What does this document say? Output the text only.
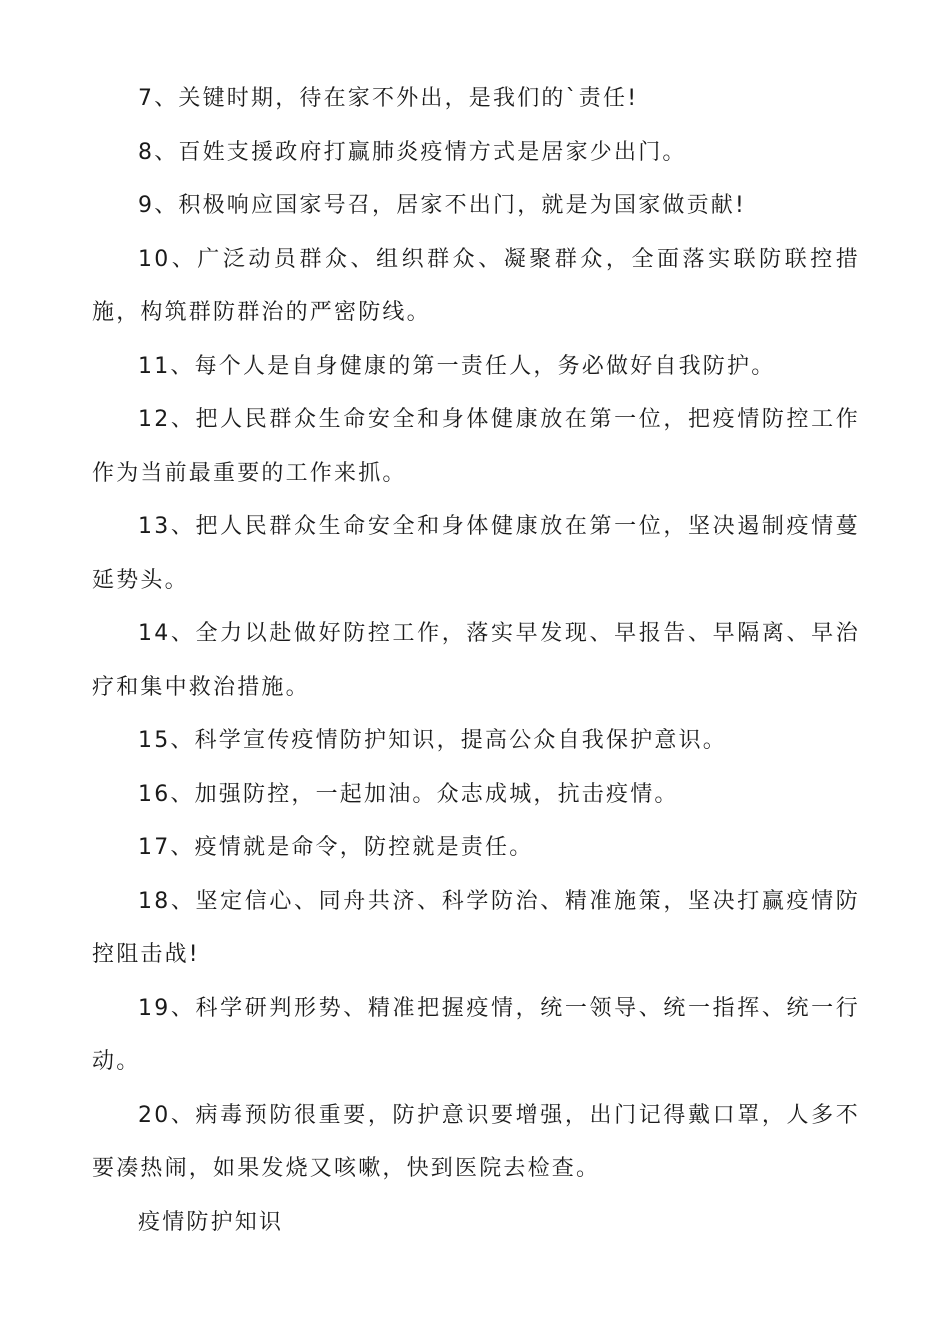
7、关键时期，待在家不外出，是我们的`责任!

8、百姓支援政府打赢肺炎疫情方式是居家少出门。

9、积极响应国家号召，居家不出门，就是为国家做贡献!

10、广泛动员群众、组织群众、凝聚群众，全面落实联防联控措施，构筑群防群治的严密防线。

11、每个人是自身健康的第一责任人，务必做好自我防护。

12、把人民群众生命安全和身体健康放在第一位，把疫情防控工作作为当前最重要的工作来抓。

13、把人民群众生命安全和身体健康放在第一位，坚决遏制疫情蔓延势头。

14、全力以赴做好防控工作，落实早发现、早报告、早隔离、早治疗和集中救治措施。

15、科学宣传疫情防护知识，提高公众自我保护意识。

16、加强防控，一起加油。众志成城，抗击疫情。

17、疫情就是命令，防控就是责任。

18、坚定信心、同舟共济、科学防治、精准施策，坚决打赢疫情防控阻击战!

19、科学研判形势、精准把握疫情，统一领导、统一指挥、统一行动。

20、病毒预防很重要，防护意识要增强，出门记得戴口罩，人多不要凑热闹，如果发烧又咳嗽，快到医院去检查。

疫情防护知识
